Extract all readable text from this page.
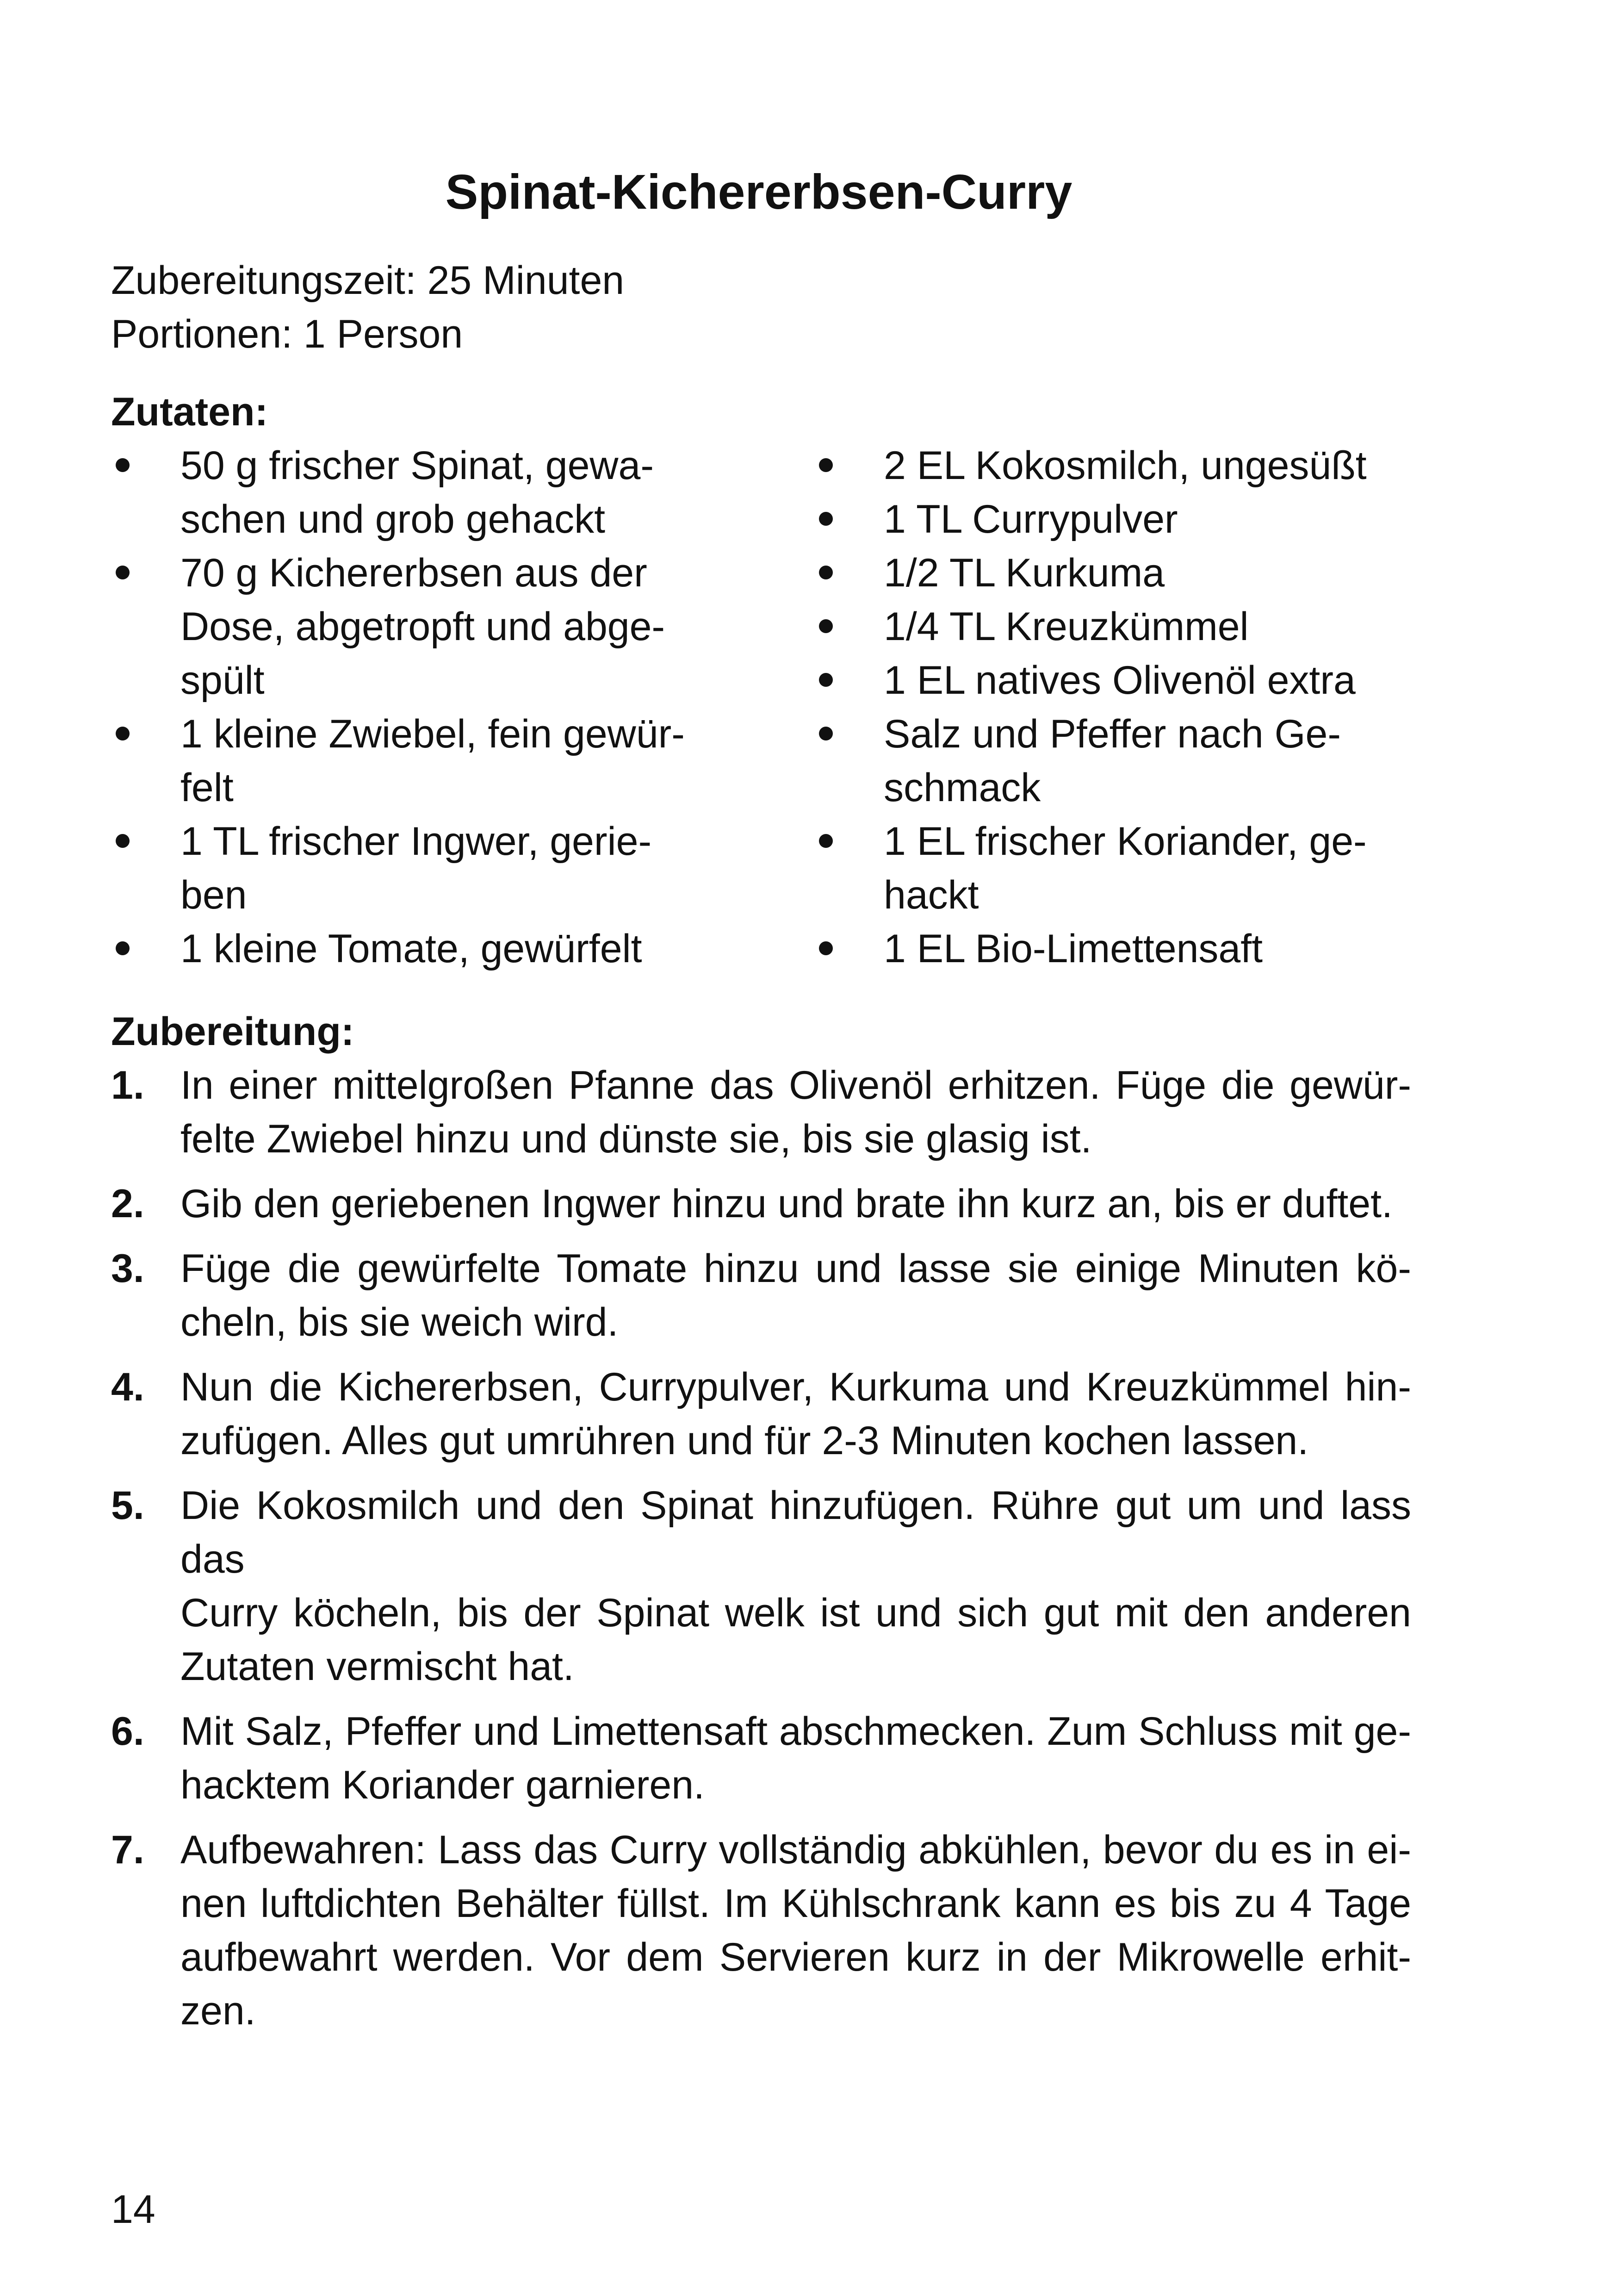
Spinat-Kichererbsen-Curry
Zubereitungszeit: 25 Minuten
Portionen: 1 Person
Zutaten:
50 g frischer Spinat, gewa-
schen und grob gehackt
70 g Kichererbsen aus der
Dose, abgetropft und abge-
spült
1 kleine Zwiebel, fein gewür-
felt
1 TL frischer Ingwer, gerie-
ben
1 kleine Tomate, gewürfelt
2 EL Kokosmilch, ungesüßt
1 TL Currypulver
1/2 TL Kurkuma
1/4 TL Kreuzkümmel
1 EL natives Olivenöl extra
Salz und Pfeffer nach Ge-
schmack
1 EL frischer Koriander, ge-
hackt
1 EL Bio-Limettensaft
Zubereitung:
1. In einer mittelgroßen Pfanne das Olivenöl erhitzen. Füge die gewür-
felte Zwiebel hinzu und dünste sie, bis sie glasig ist.
2. Gib den geriebenen Ingwer hinzu und brate ihn kurz an, bis er duftet.
3. Füge die gewürfelte Tomate hinzu und lasse sie einige Minuten kö-
cheln, bis sie weich wird.
4. Nun die Kichererbsen, Currypulver, Kurkuma und Kreuzkümmel hin-
zufügen. Alles gut umrühren und für 2-3 Minuten kochen lassen.
5. Die Kokosmilch und den Spinat hinzufügen. Rühre gut um und lass das
Curry köcheln, bis der Spinat welk ist und sich gut mit den anderen
Zutaten vermischt hat.
6. Mit Salz, Pfeffer und Limettensaft abschmecken. Zum Schluss mit ge-
hacktem Koriander garnieren.
7. Aufbewahren: Lass das Curry vollständig abkühlen, bevor du es in ei-
nen luftdichten Behälter füllst. Im Kühlschrank kann es bis zu 4 Tage
aufbewahrt werden. Vor dem Servieren kurz in der Mikrowelle erhit-
zen.
14
